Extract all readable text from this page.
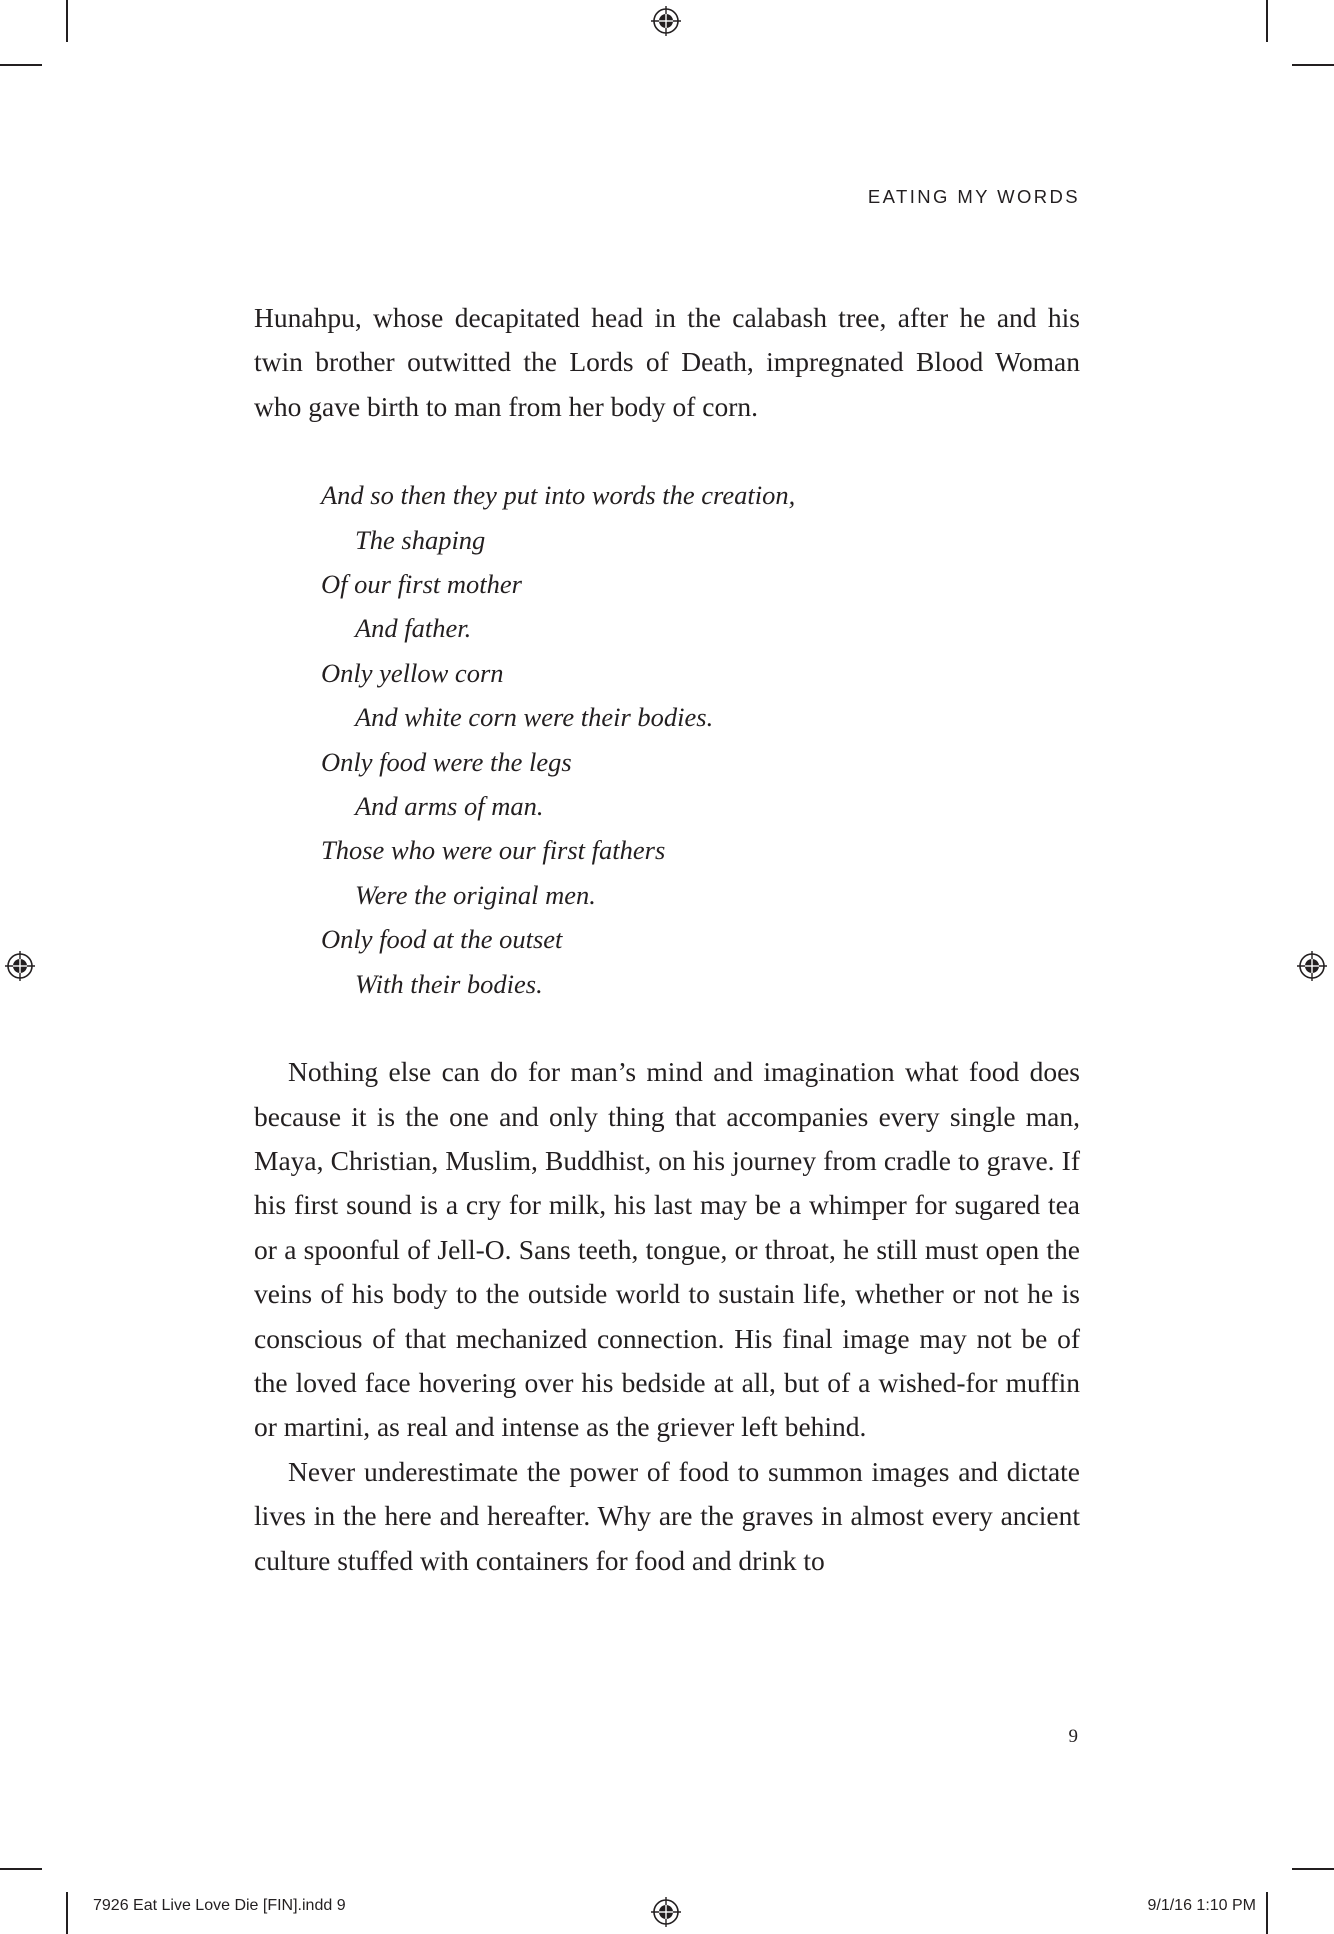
EATING MY WORDS

Hunahpu, whose decapitated head in the calabash tree, after he and his twin brother outwitted the Lords of Death, impregnated Blood Woman who gave birth to man from her body of corn.

And so then they put into words the creation,
The shaping
Of our first mother
And father.
Only yellow corn
And white corn were their bodies.
Only food were the legs
And arms of man.
Those who were our first fathers
Were the original men.
Only food at the outset
With their bodies.

Nothing else can do for man’s mind and imagination what food does because it is the one and only thing that accompanies every single man, Maya, Christian, Muslim, Buddhist, on his journey from cradle to grave. If his first sound is a cry for milk, his last may be a whimper for sugared tea or a spoonful of Jell-O. Sans teeth, tongue, or throat, he still must open the veins of his body to the outside world to sustain life, whether or not he is conscious of that mechanized connection. His final image may not be of the loved face hovering over his bedside at all, but of a wished-for muffin or martini, as real and intense as the griever left behind.

Never underestimate the power of food to summon images and dictate lives in the here and hereafter. Why are the graves in almost every ancient culture stuffed with containers for food and drink to

9
7926 Eat Live Love Die [FIN].indd 9	9/1/16 1:10 PM
